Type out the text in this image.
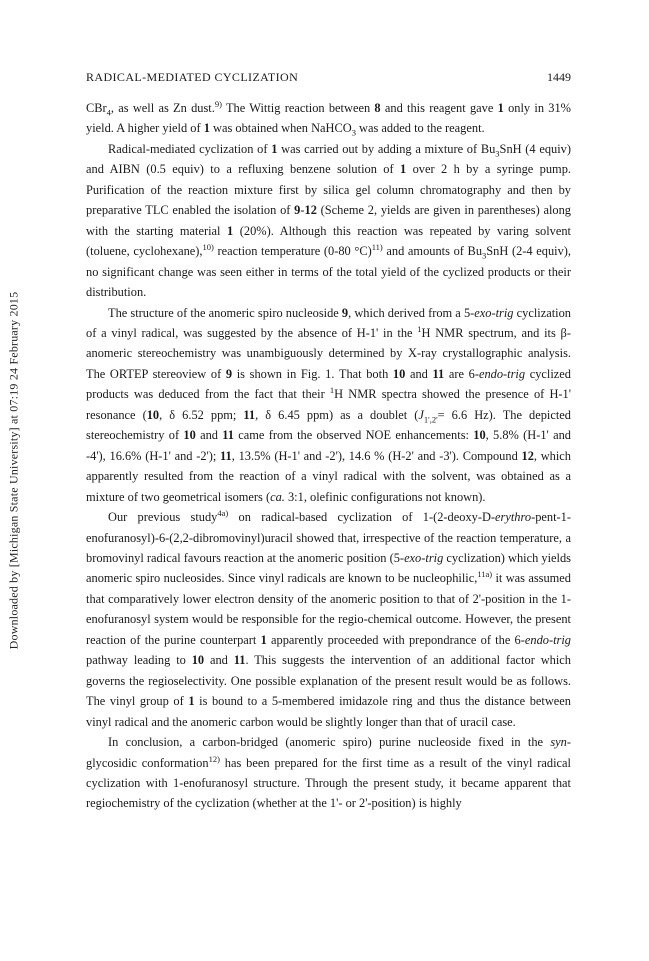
Downloaded by [Michigan State University] at 07:19 24 February 2015
RADICAL-MEDIATED CYCLIZATION	1449

CBr$_4$, as well as Zn dust.$^{9)}$ The Wittig reaction between 8 and this reagent gave 1 only in 31% yield. A higher yield of 1 was obtained when NaHCO$_3$ was added to the reagent.

Radical-mediated cyclization of 1 was carried out by adding a mixture of $Bu_3SnH$ (4 equiv) and AIBN (0.5 equiv) to a refluxing benzene solution of 1 over 2 h by a syringe pump. Purification of the reaction mixture first by silica gel column chromatography and then by preparative TLC enabled the isolation of 9-12 (Scheme 2, yields are given in parentheses) along with the starting material 1 (20%). Although this reaction was repeated by varing solvent (toluene, cyclohexane),$^{10)}$ reaction temperature (0-80 °C)$^{11)}$ and amounts of $Bu_3SnH$ (2-4 equiv), no significant change was seen either in terms of the total yield of the cyclized products or their distribution.

The structure of the anomeric spiro nucleoside 9, which derived from a 5-exo-trig cyclization of a vinyl radical, was suggested by the absence of H-1' in the $^1$H NMR spectrum, and its β-anomeric stereochemistry was unambiguously determined by X-ray crystallographic analysis. The ORTEP stereoview of 9 is shown in Fig. 1. That both 10 and 11 are 6-endo-trig cyclized products was deduced from the fact that their $^1$H NMR spectra showed the presence of H-1' resonance (10, δ 6.52 ppm; 11, δ 6.45 ppm) as a doublet ($J_{1',2'}= 6.6$ Hz). The depicted stereochemistry of 10 and 11 came from the observed NOE enhancements: 10, 5.8% (H-1' and -4'), 16.6% (H-1' and -2'); 11, 13.5% (H-1' and -2'), 14.6 % (H-2' and -3'). Compound 12, which apparently resulted from the reaction of a vinyl radical with the solvent, was obtained as a mixture of two geometrical isomers (ca. 3:1, olefinic configurations not known).

Our previous study$^{4a)}$ on radical-based cyclization of 1-(2-deoxy-D-erythro-pent-1-enofuranosyl)-6-(2,2-dibromovinyl)uracil showed that, irrespective of the reaction temperature, a bromovinyl radical favours reaction at the anomeric position (5-exo-trig cyclization) which yields anomeric spiro nucleosides. Since vinyl radicals are known to be nucleophilic,$^{11a)}$ it was assumed that comparatively lower electron density of the anomeric position to that of 2'-position in the 1-enofuranosyl system would be responsible for the regio-chemical outcome. However, the present reaction of the purine counterpart 1 apparently proceeded with prepondrance of the 6-endo-trig pathway leading to 10 and 11. This suggests the intervention of an additional factor which governs the regioselectivity. One possible explanation of the present result would be as follows. The vinyl group of 1 is bound to a 5-membered imidazole ring and thus the distance between vinyl radical and the anomeric carbon would be slightly longer than that of uracil case.

In conclusion, a carbon-bridged (anomeric spiro) purine nucleoside fixed in the syn-glycosidic conformation$^{12)}$ has been prepared for the first time as a result of the vinyl radical cyclization with 1-enofuranosyl structure. Through the present study, it became apparent that regiochemistry of the cyclization (whether at the 1'- or 2'-position) is highly
